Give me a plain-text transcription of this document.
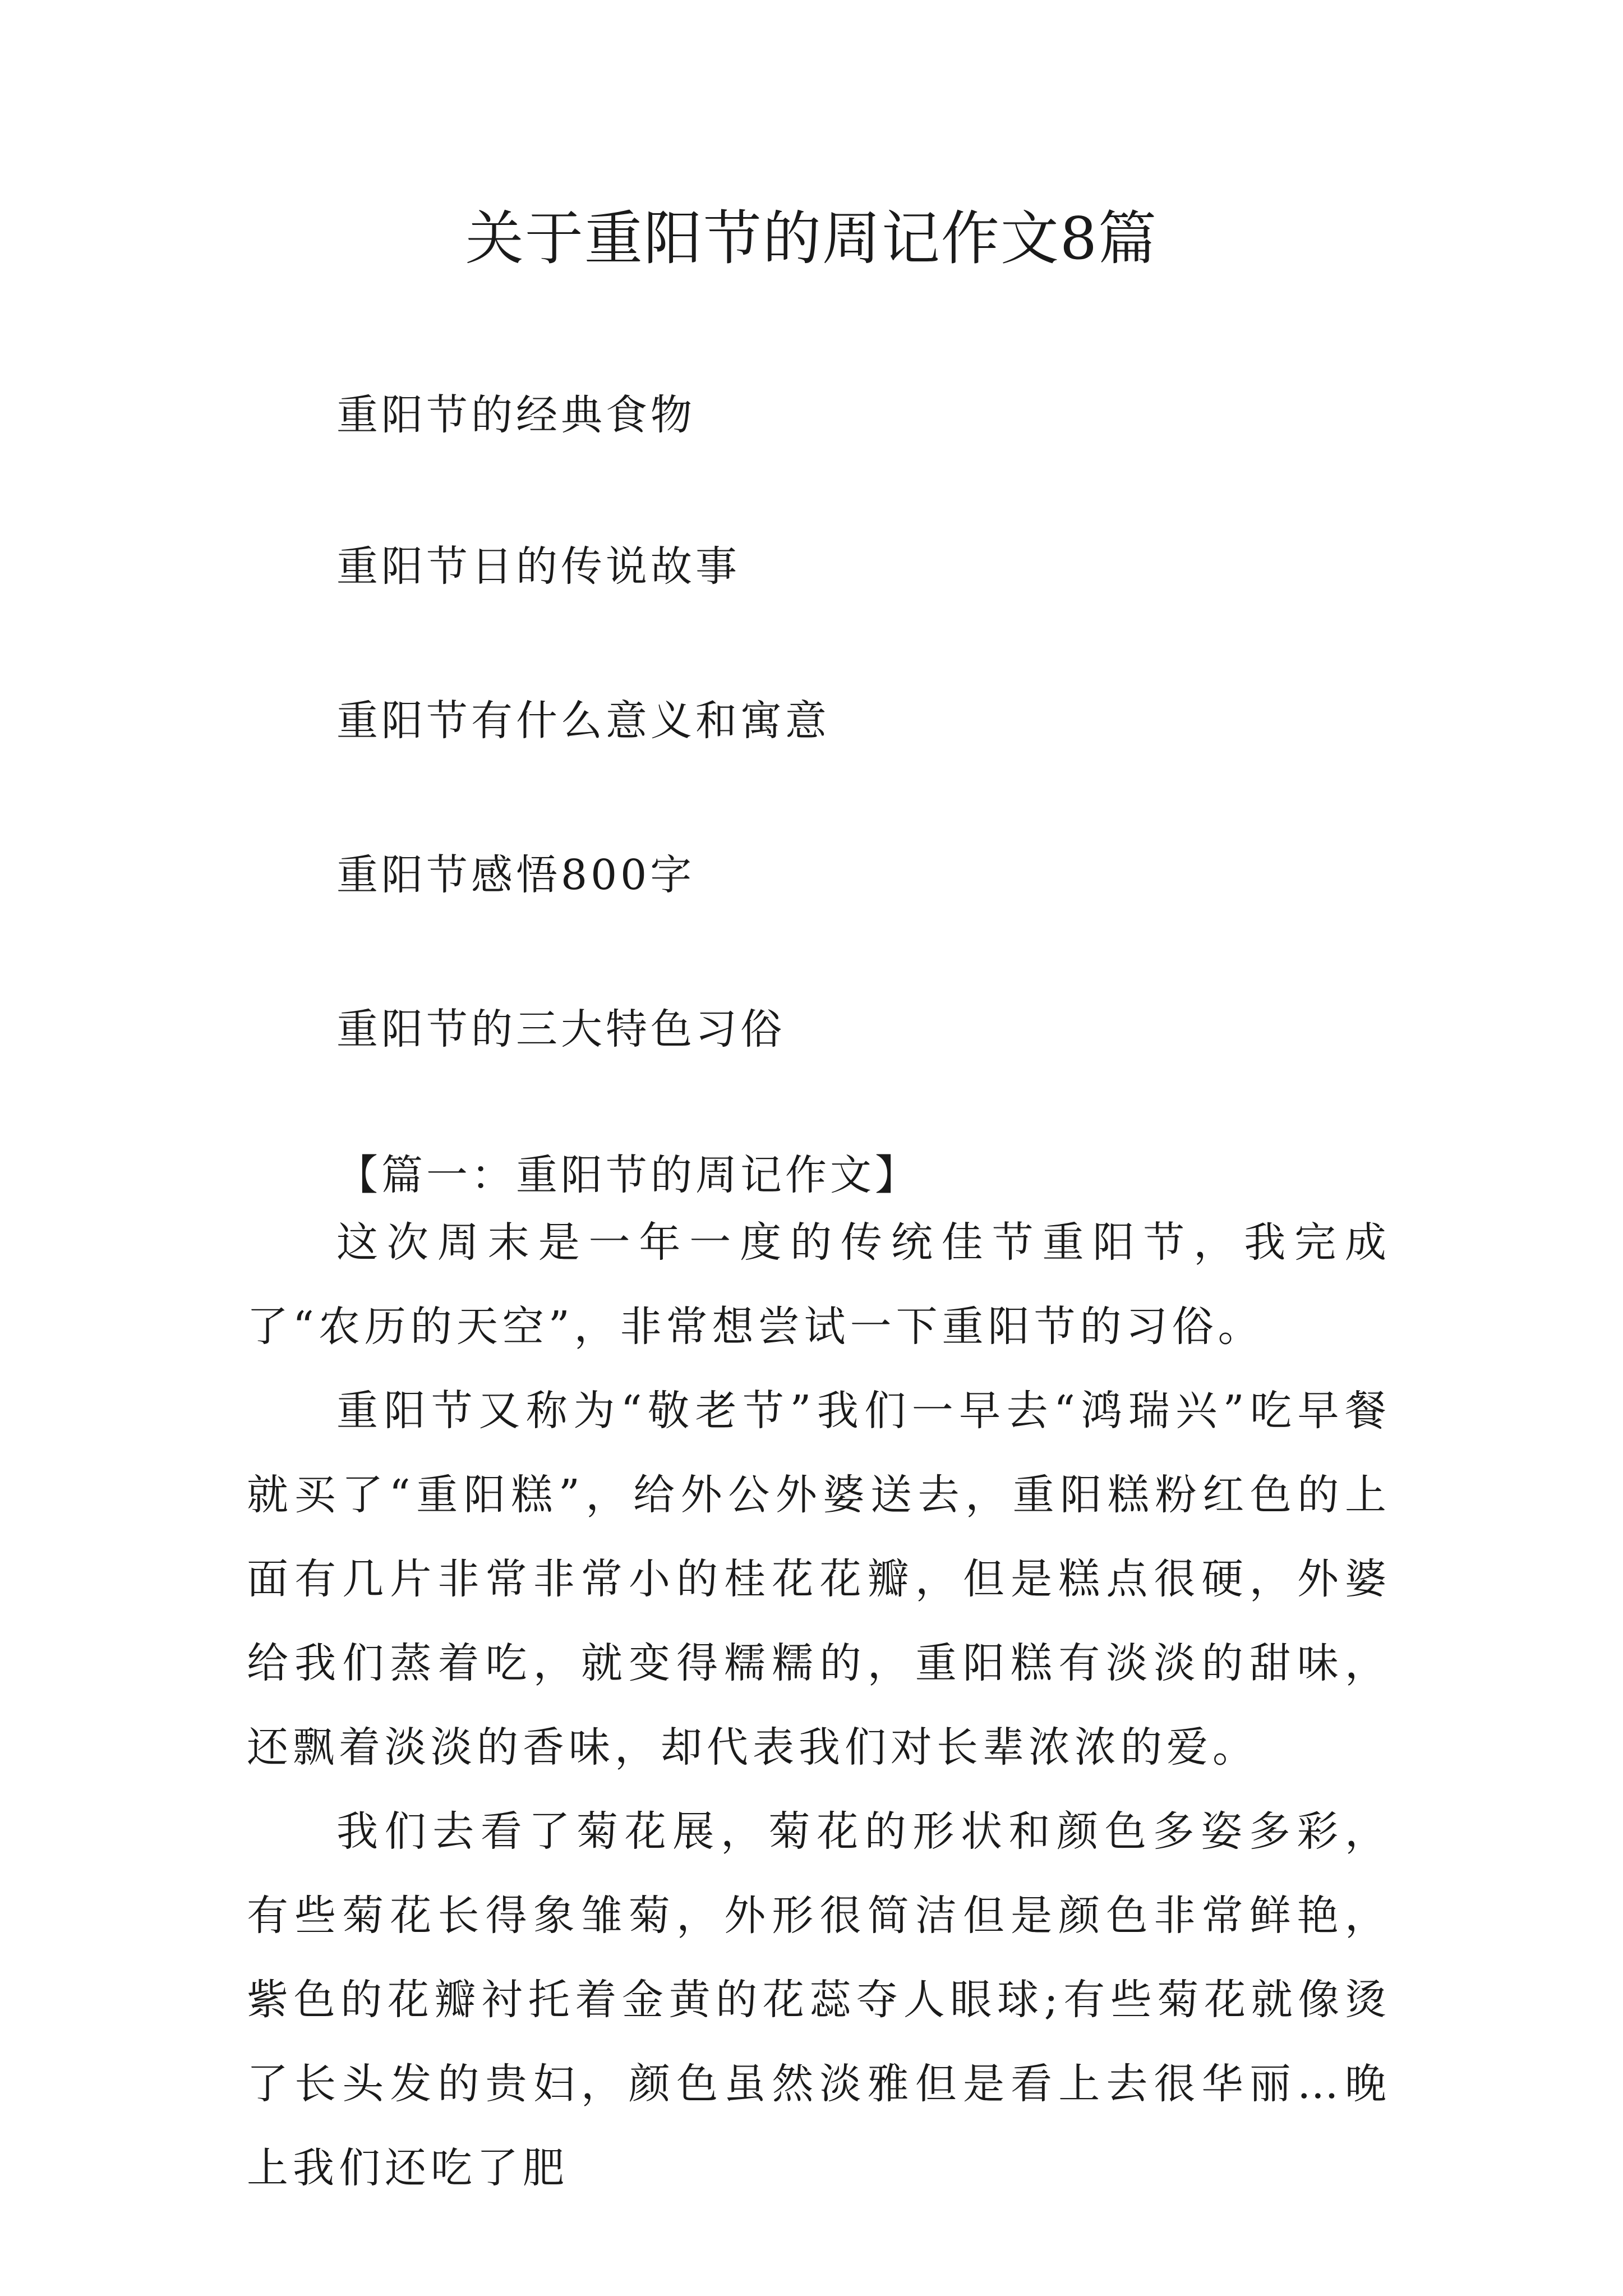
关于重阳节的周记作文8篇
重阳节的经典食物
重阳节日的传说故事
重阳节有什么意义和寓意
重阳节感悟800字
重阳节的三大特色习俗
【篇一：重阳节的周记作文】

这次周末是一年一度的传统佳节重阳节，我完成了“农历的天空”，非常想尝试一下重阳节的习俗。

重阳节又称为“敬老节”我们一早去“鸿瑞兴”吃早餐就买了“重阳糕”，给外公外婆送去，重阳糕粉红色的上面有几片非常非常小的桂花花瓣，但是糕点很硬，外婆给我们蒸着吃，就变得糯糯的，重阳糕有淡淡的甜味，还飘着淡淡的香味，却代表我们对长辈浓浓的爱。

我们去看了菊花展，菊花的形状和颜色多姿多彩，有些菊花长得象雏菊，外形很简洁但是颜色非常鲜艳，紫色的花瓣衬托着金黄的花蕊夺人眼球;有些菊花就像烫了长头发的贵妇，颜色虽然淡雅但是看上去很华丽…晚上我们还吃了肥
